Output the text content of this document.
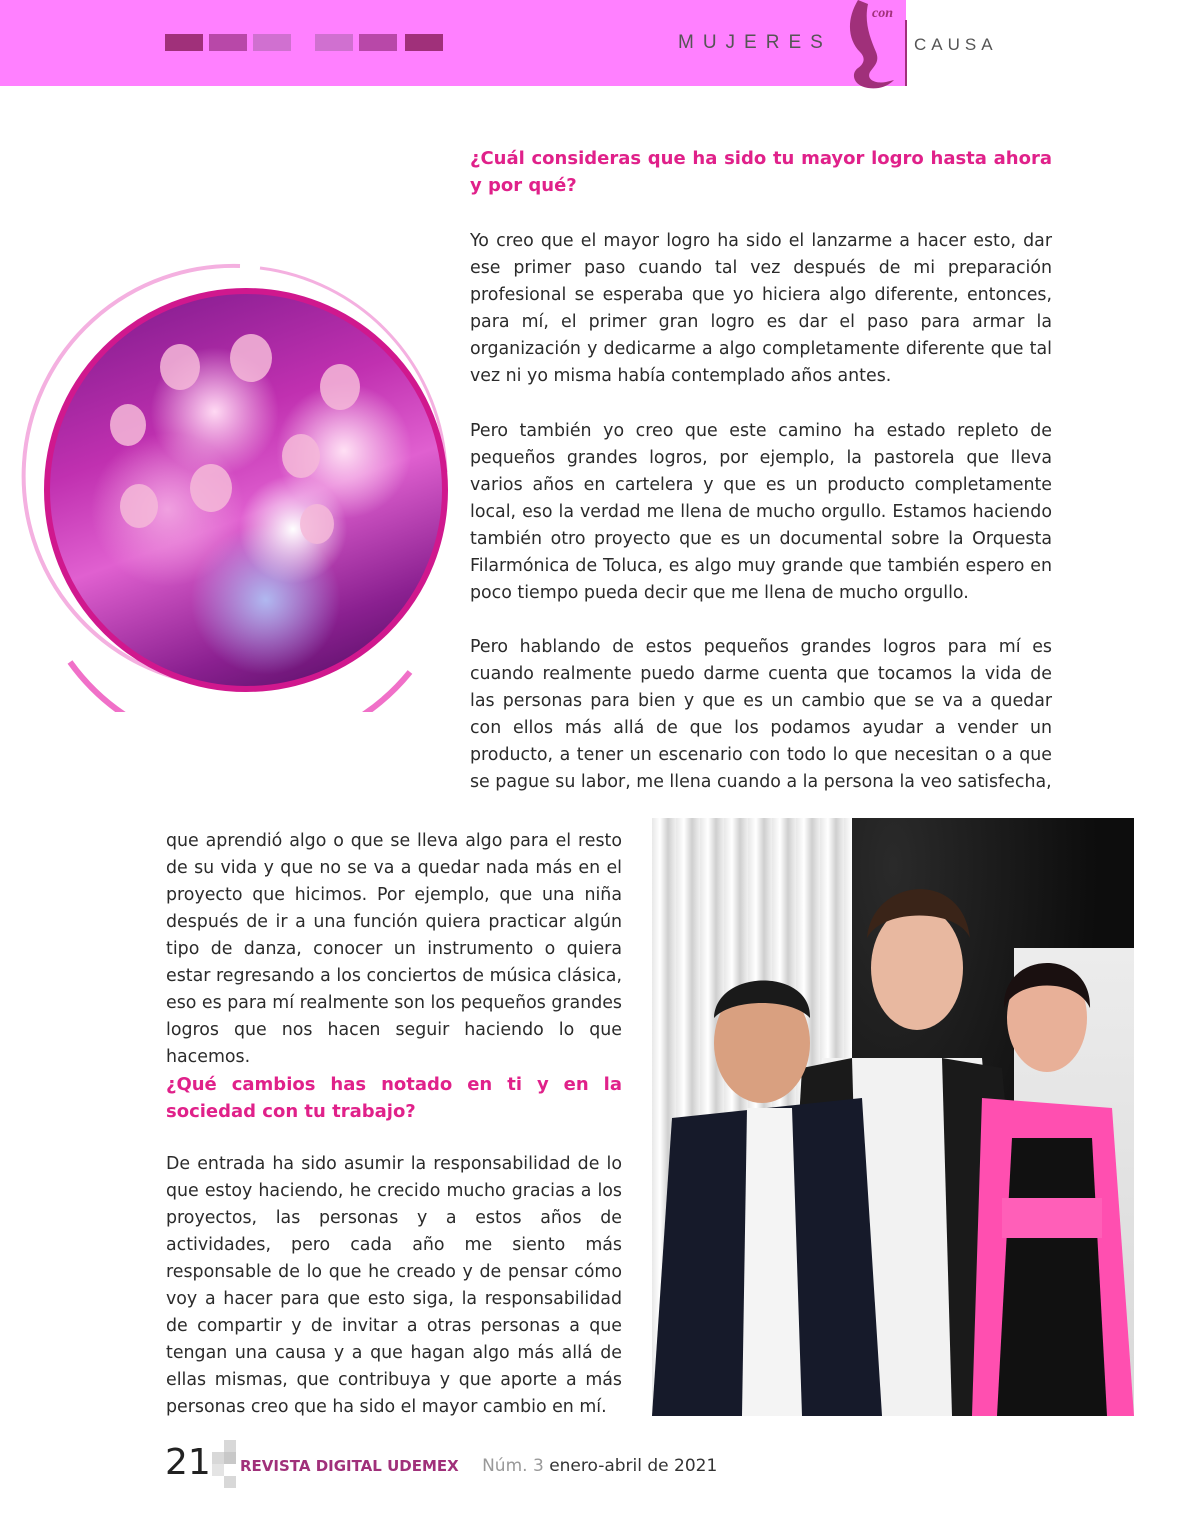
MUJERES
con
CAUSA

¿Cuál consideras que ha sido tu mayor logro hasta ahora y por qué?

Yo creo que el mayor logro ha sido el lanzarme a hacer esto, dar ese primer paso cuando tal vez después de mi preparación profesional se esperaba que yo hiciera algo diferente, entonces, para mí, el primer gran logro es dar el paso para armar la organización y dedicarme a algo completamente diferente que tal vez ni yo misma había contemplado años antes.

Pero también yo creo que este camino ha estado repleto de pequeños grandes logros, por ejemplo, la pastorela que lleva varios años en cartelera y que es un producto completamente local, eso la verdad me llena de mucho orgullo. Estamos haciendo también otro proyecto que es un documental sobre la Orquesta Filarmónica de Toluca, es algo muy grande que también espero en poco tiempo pueda decir que me llena de mucho orgullo.

Pero hablando de estos pequeños grandes logros para mí es cuando realmente puedo darme cuenta que tocamos la vida de las personas para bien y que es un cambio que se va a quedar con ellos más allá de que los podamos ayudar a vender un producto, a tener un escenario con todo lo que necesitan o a que se pague su labor, me llena cuando a la persona la veo satisfecha,

que aprendió algo o que se lleva algo para el resto de su vida y que no se va a quedar nada más en el proyecto que hicimos. Por ejemplo, que una niña después de ir a una función quiera practicar algún tipo de danza, conocer un instrumento o quiera estar regresando a los conciertos de música clásica, eso es para mí realmente son los pequeños grandes logros que nos hacen seguir haciendo lo que hacemos.

¿Qué cambios has notado en ti y en la sociedad con tu trabajo?

De entrada ha sido asumir la responsabilidad de lo que estoy haciendo, he crecido mucho gracias a los proyectos, las personas y a estos años de actividades, pero cada año me siento más responsable de lo que he creado y de pensar cómo voy a hacer para que esto siga, la responsabilidad de compartir y de invitar a otras personas a que tengan una causa y a que hagan algo más allá de ellas mismas, que contribuya y que aporte a más personas creo que ha sido el mayor cambio en mí.

21 REVISTA DIGITAL UDEMEX Núm. 3 enero-abril de 2021
